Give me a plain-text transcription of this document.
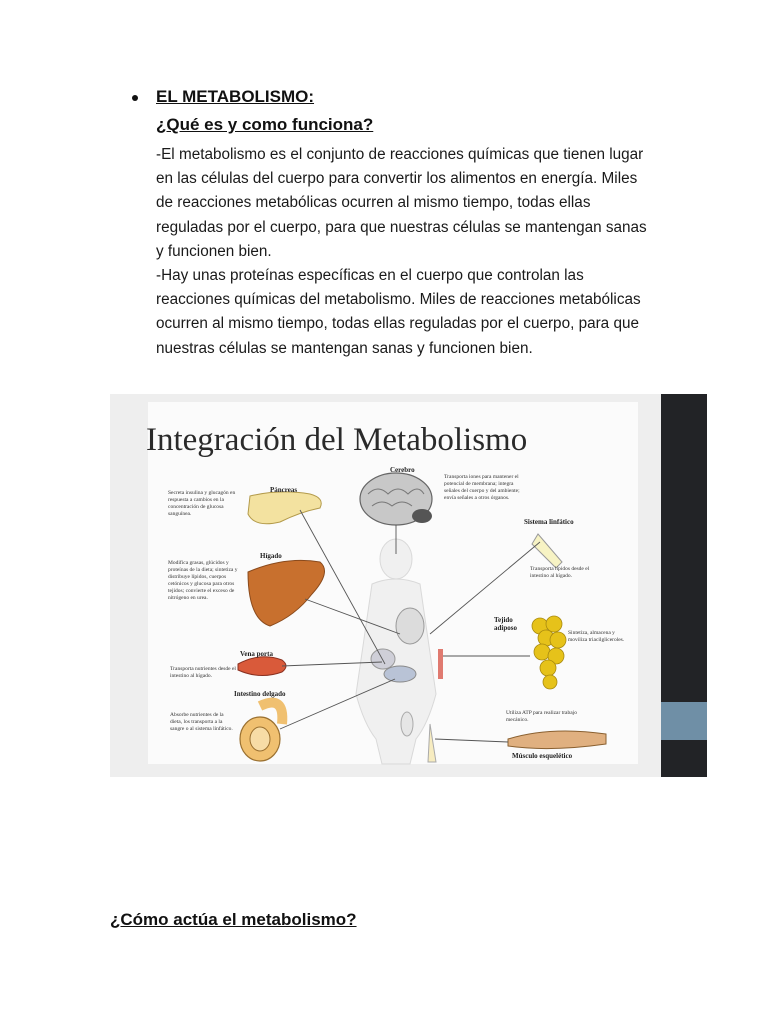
EL METABOLISMO:
¿Qué es y como funciona?

-El metabolismo es el conjunto de reacciones químicas que tienen lugar en las células del cuerpo para convertir los alimentos en energía. Miles de reacciones metabólicas ocurren al mismo tiempo, todas ellas reguladas por el cuerpo, para que nuestras células se mantengan sanas y funcionen bien.

-Hay unas proteínas específicas en el cuerpo que controlan las reacciones químicas del metabolismo. Miles de reacciones metabólicas ocurren al mismo tiempo, todas ellas reguladas por el cuerpo, para que nuestras células se mantengan sanas y funcionen bien.

Integración del Metabolismo
Cerebro
Transporta iones para mantener el potencial de membrana; integra señales del cuerpo y del ambiente; envía señales a otros órganos.
Páncreas
Secreta insulina y glucagón en respuesta a cambios en la concentración de glucosa sanguínea.
Hígado
Modifica grasas, glúcidos y proteínas de la dieta; sintetiza y distribuye lípidos, cuerpos cetónicos y glucosa para otros tejidos; convierte el exceso de nitrógeno en urea.
Sistema linfático
Transporta lípidos desde el intestino al hígado.
Tejido adiposo
Sintetiza, almacena y moviliza triacilgliceroles.
Vena porta
Transporta nutrientes desde el intestino al hígado.
Intestino delgado
Absorbe nutrientes de la dieta, los transporta a la sangre o al sistema linfático.
Utiliza ATP para realizar trabajo mecánico.
Músculo esquelético
¿Cómo actúa el metabolismo?
